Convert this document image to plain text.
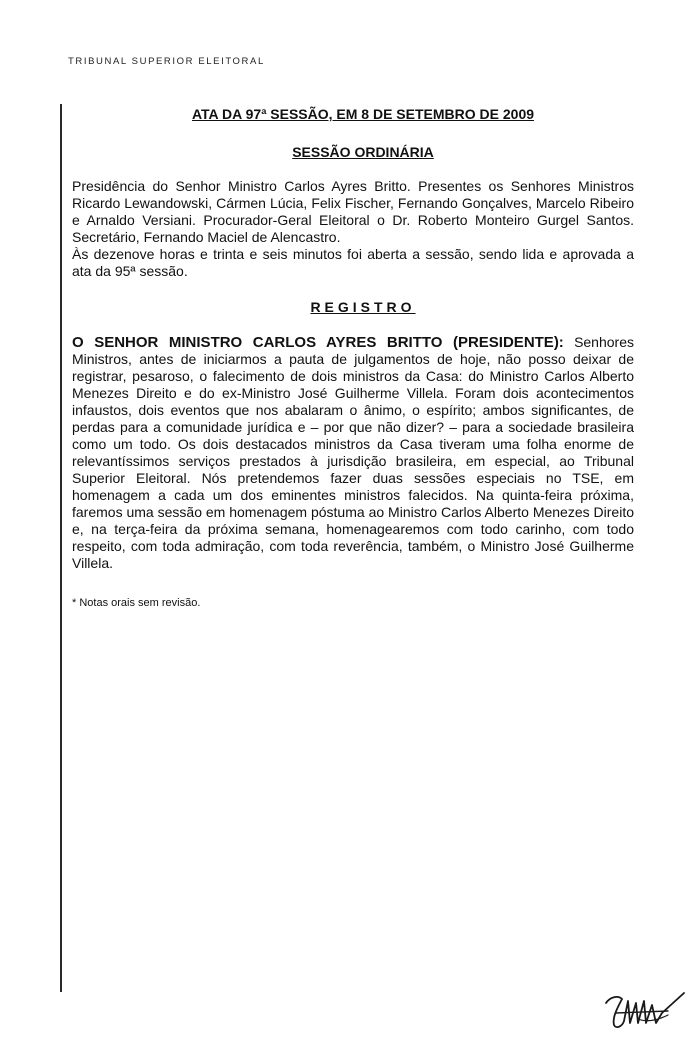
TRIBUNAL SUPERIOR ELEITORAL

ATA DA 97ª SESSÃO, EM 8 DE SETEMBRO DE 2009

SESSÃO ORDINÁRIA

Presidência do Senhor Ministro Carlos Ayres Britto. Presentes os Senhores Ministros Ricardo Lewandowski, Cármen Lúcia, Felix Fischer, Fernando Gonçalves, Marcelo Ribeiro e Arnaldo Versiani. Procurador-Geral Eleitoral o Dr. Roberto Monteiro Gurgel Santos. Secretário, Fernando Maciel de Alencastro.

Às dezenove horas e trinta e seis minutos foi aberta a sessão, sendo lida e aprovada a ata da 95ª sessão.

REGISTRO

O SENHOR MINISTRO CARLOS AYRES BRITTO (PRESIDENTE): Senhores Ministros, antes de iniciarmos a pauta de julgamentos de hoje, não posso deixar de registrar, pesaroso, o falecimento de dois ministros da Casa: do Ministro Carlos Alberto Menezes Direito e do ex-Ministro José Guilherme Villela. Foram dois acontecimentos infaustos, dois eventos que nos abalaram o ânimo, o espírito; ambos significantes, de perdas para a comunidade jurídica e – por que não dizer? – para a sociedade brasileira como um todo. Os dois destacados ministros da Casa tiveram uma folha enorme de relevantíssimos serviços prestados à jurisdição brasileira, em especial, ao Tribunal Superior Eleitoral. Nós pretendemos fazer duas sessões especiais no TSE, em homenagem a cada um dos eminentes ministros falecidos. Na quinta-feira próxima, faremos uma sessão em homenagem póstuma ao Ministro Carlos Alberto Menezes Direito e, na terça-feira da próxima semana, homenagearemos com todo carinho, com todo respeito, com toda admiração, com toda reverência, também, o Ministro José Guilherme Villela.

* Notas orais sem revisão.
